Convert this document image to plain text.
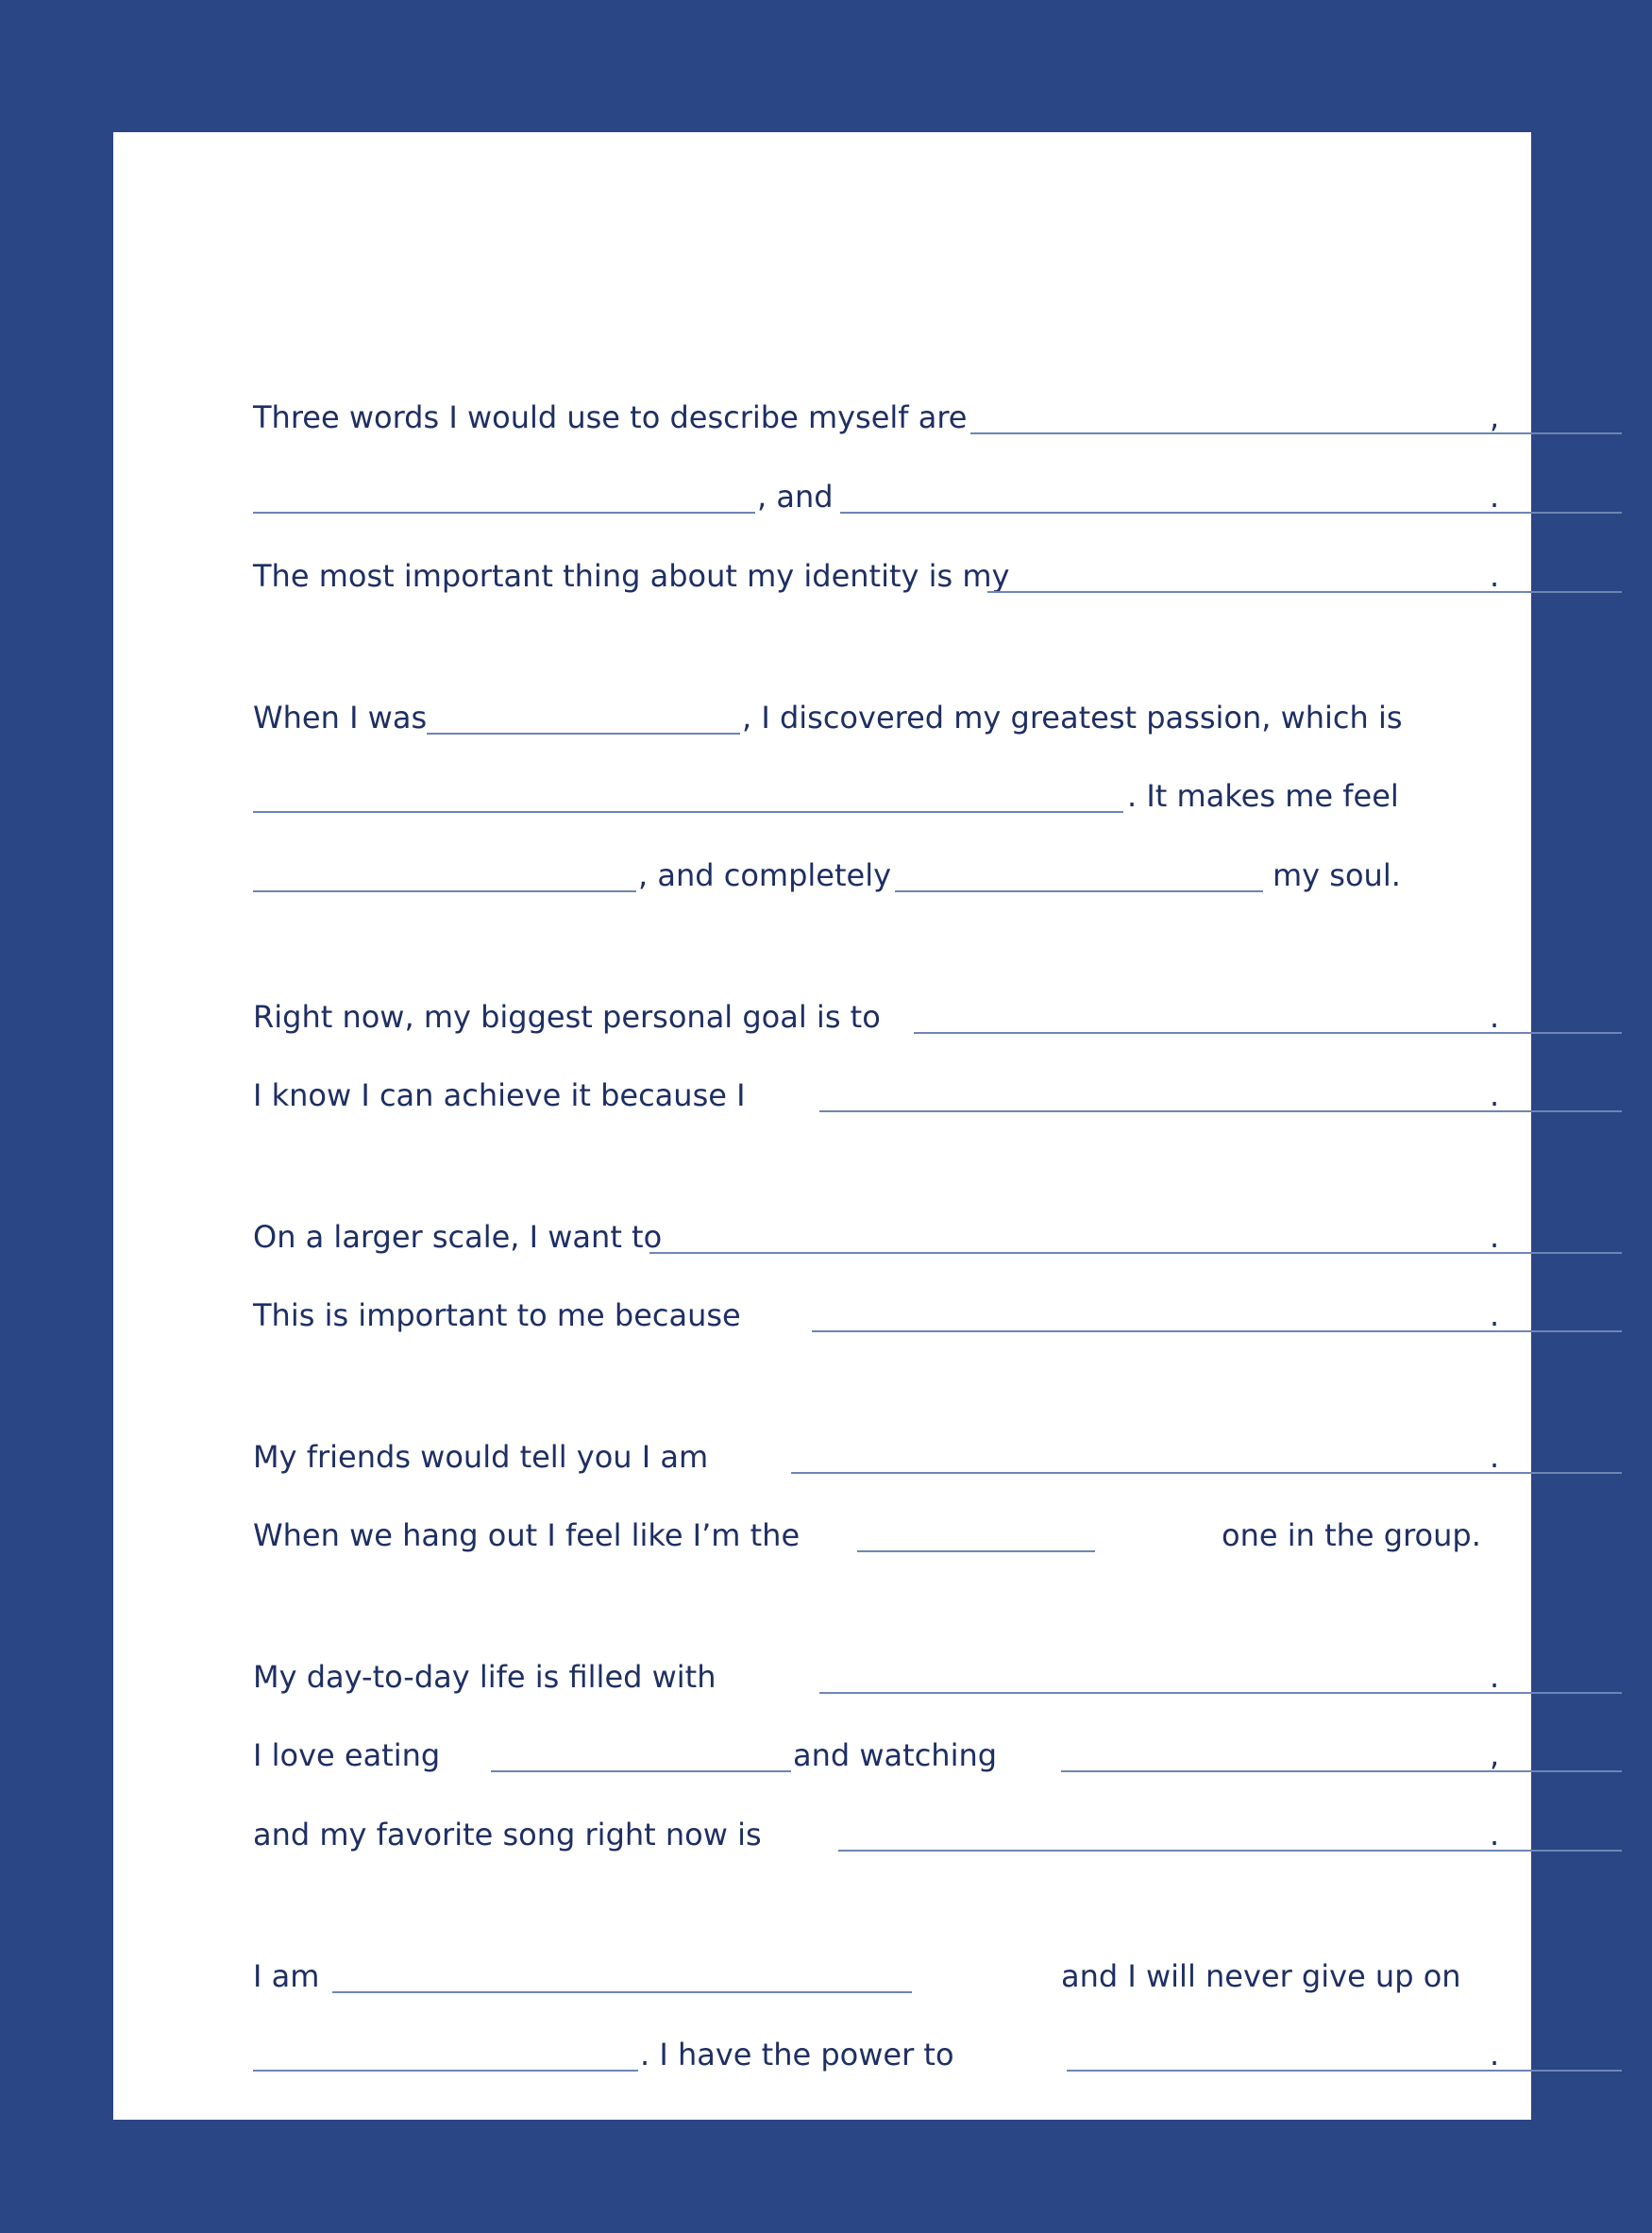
Three words I would use to describe myself are	,
, and	.
The most important thing about my identity is my	.
When I was	, I discovered my greatest passion, which is
. It makes me feel
, and completely	my soul.
Right now, my biggest personal goal is to	.
I know I can achieve it because I	.
On a larger scale, I want to	.
This is important to me because	.
My friends would tell you I am	.
When we hang out I feel like I’m the	one in the group.
My day-to-day life is filled with	.
I love eating	and watching	,
and my favorite song right now is	.
I am	and I will never give up on
. I have the power to	.
